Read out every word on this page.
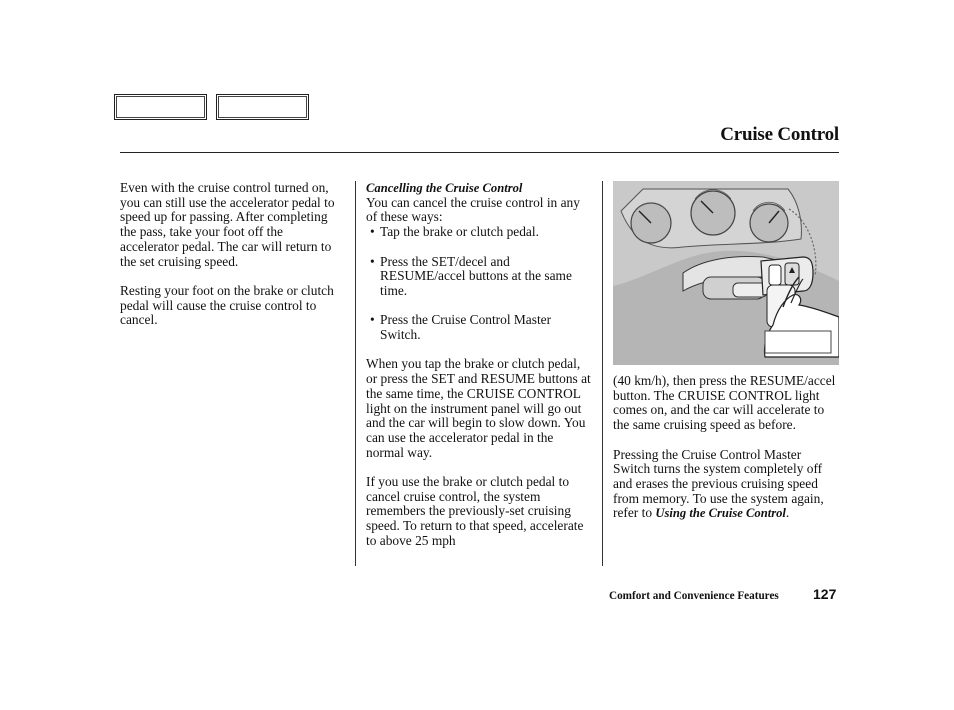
Cruise Control

Even with the cruise control turned on, you can still use the accelerator pedal to speed up for passing. After completing the pass, take your foot off the accelerator pedal. The car will return to the set cruising speed.

Resting your foot on the brake or clutch pedal will cause the cruise control to cancel.

Cancelling the Cruise Control

You can cancel the cruise control in any of these ways:

• Tap the brake or clutch pedal.

• Press the SET/decel and RESUME/accel buttons at the same time.

• Press the Cruise Control Master Switch.

When you tap the brake or clutch pedal, or press the SET and RESUME buttons at the same time, the CRUISE CONTROL light on the instrument panel will go out and the car will begin to slow down. You can use the accelerator pedal in the normal way.

If you use the brake or clutch pedal to cancel cruise control, the system remembers the previously-set cruising speed. To return to that speed, accelerate to above 25 mph

(40 km/h), then press the RESUME/accel button. The CRUISE CONTROL light comes on, and the car will accelerate to the same cruising speed as before.

Pressing the Cruise Control Master Switch turns the system completely off and erases the previous cruising speed from memory. To use the system again, refer to Using the Cruise Control.

Comfort and Convenience Features 127
